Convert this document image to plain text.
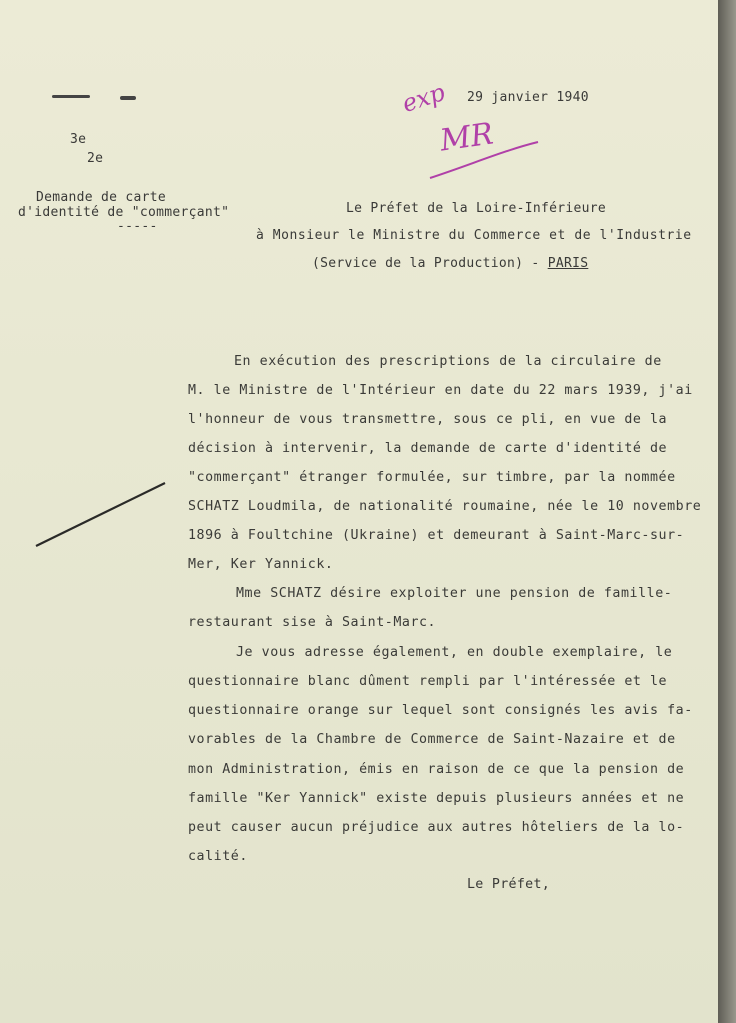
exp
MR
29 janvier 1940
3e
2e
Demande de carte
d'identité de "commerçant"
-----
Le Préfet de la Loire-Inférieure
à Monsieur le Ministre du Commerce et de l'Industrie
(Service de la Production) - PARIS
En exécution des prescriptions de la circulaire de
M. le Ministre de l'Intérieur en date du 22 mars 1939, j'ai
l'honneur de vous transmettre, sous ce pli, en vue de la
décision à intervenir, la demande de carte d'identité de
"commerçant" étranger formulée, sur timbre, par la nommée
SCHATZ Loudmila, de nationalité roumaine, née le 10 novembre
1896 à Foultchine (Ukraine) et demeurant à Saint-Marc-sur-
Mer, Ker Yannick.
Mme SCHATZ désire exploiter une pension de famille-
restaurant sise à Saint-Marc.
Je vous adresse également, en double exemplaire, le
questionnaire blanc dûment rempli par l'intéressée et le
questionnaire orange sur lequel sont consignés les avis fa-
vorables de la Chambre de Commerce de Saint-Nazaire et de
mon Administration, émis en raison de ce que la pension de
famille "Ker Yannick" existe depuis plusieurs années et ne
peut causer aucun préjudice aux autres hôteliers de la lo-
calité.
Le Préfet,
